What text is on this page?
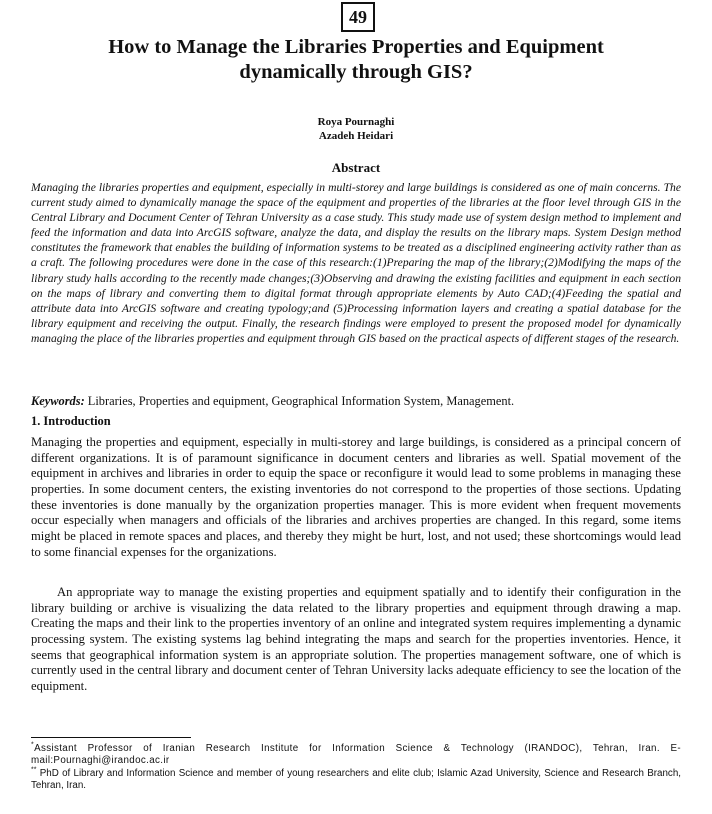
49
How to Manage the Libraries Properties and Equipment
dynamically through GIS?
Roya Pournaghi
Azadeh Heidari
Abstract

Managing the libraries properties and equipment, especially in multi-storey and large buildings is considered as one of main concerns. The current study aimed to dynamically manage the space of the equipment and properties of the libraries at the floor level through GIS in the Central Library and Document Center of Tehran University as a case study. This study made use of system design method to implement and feed the information and data into ArcGIS software, analyze the data, and display the results on the library maps. System Design method constitutes the framework that enables the building of information systems to be treated as a disciplined engineering activity rather than as a craft. The following procedures were done in the case of this research:(1)Preparing the map of the library;(2)Modifying the maps of the library study halls according to the recently made changes;(3)Observing and drawing the existing facilities and equipment in each section on the maps of library and converting them to digital format through appropriate elements by Auto CAD;(4)Feeding the spatial and attribute data into ArcGIS software and creating typology;and (5)Processing information layers and creating a spatial database for the library equipment and receiving the output. Finally, the research findings were employed to present the proposed model for dynamically managing the place of the libraries properties and equipment through GIS based on the practical aspects of different stages of the research.

Keywords: Libraries, Properties and equipment, Geographical Information System, Management.

1. Introduction

Managing the properties and equipment, especially in multi-storey and large buildings, is considered as a principal concern of different organizations. It is of paramount significance in document centers and libraries as well. Spatial movement of the equipment in archives and libraries in order to equip the space or reconfigure it would lead to some problems in managing these properties. In some document centers, the existing inventories do not correspond to the properties of those sections. Updating these inventories is done manually by the organization properties manager. This is more evident when frequent movements occur especially when managers and officials of the libraries and archives properties are changed. In this regard, some items might be placed in remote spaces and places, and thereby they might be hurt, lost, and not used; these shortcomings would lead to some financial expenses for the organizations.

An appropriate way to manage the existing properties and equipment spatially and to identify their configuration in the library building or archive is visualizing the data related to the library properties and equipment through drawing a map. Creating the maps and their link to the properties inventory of an online and integrated system requires implementing a dynamic processing system. The existing systems lag behind integrating the maps and search for the properties inventories. Hence, it seems that geographical information system is an appropriate solution. The properties management software, one of which is currently used in the central library and document center of Tehran University lacks adequate efficiency to see the location of the equipment.

*Assistant Professor of Iranian Research Institute for Information Science & Technology (IRANDOC), Tehran, Iran. E-mail:Pournaghi@irandoc.ac.ir

** PhD of Library and Information Science and member of young researchers and elite club; Islamic Azad University, Science and Research Branch, Tehran, Iran.
